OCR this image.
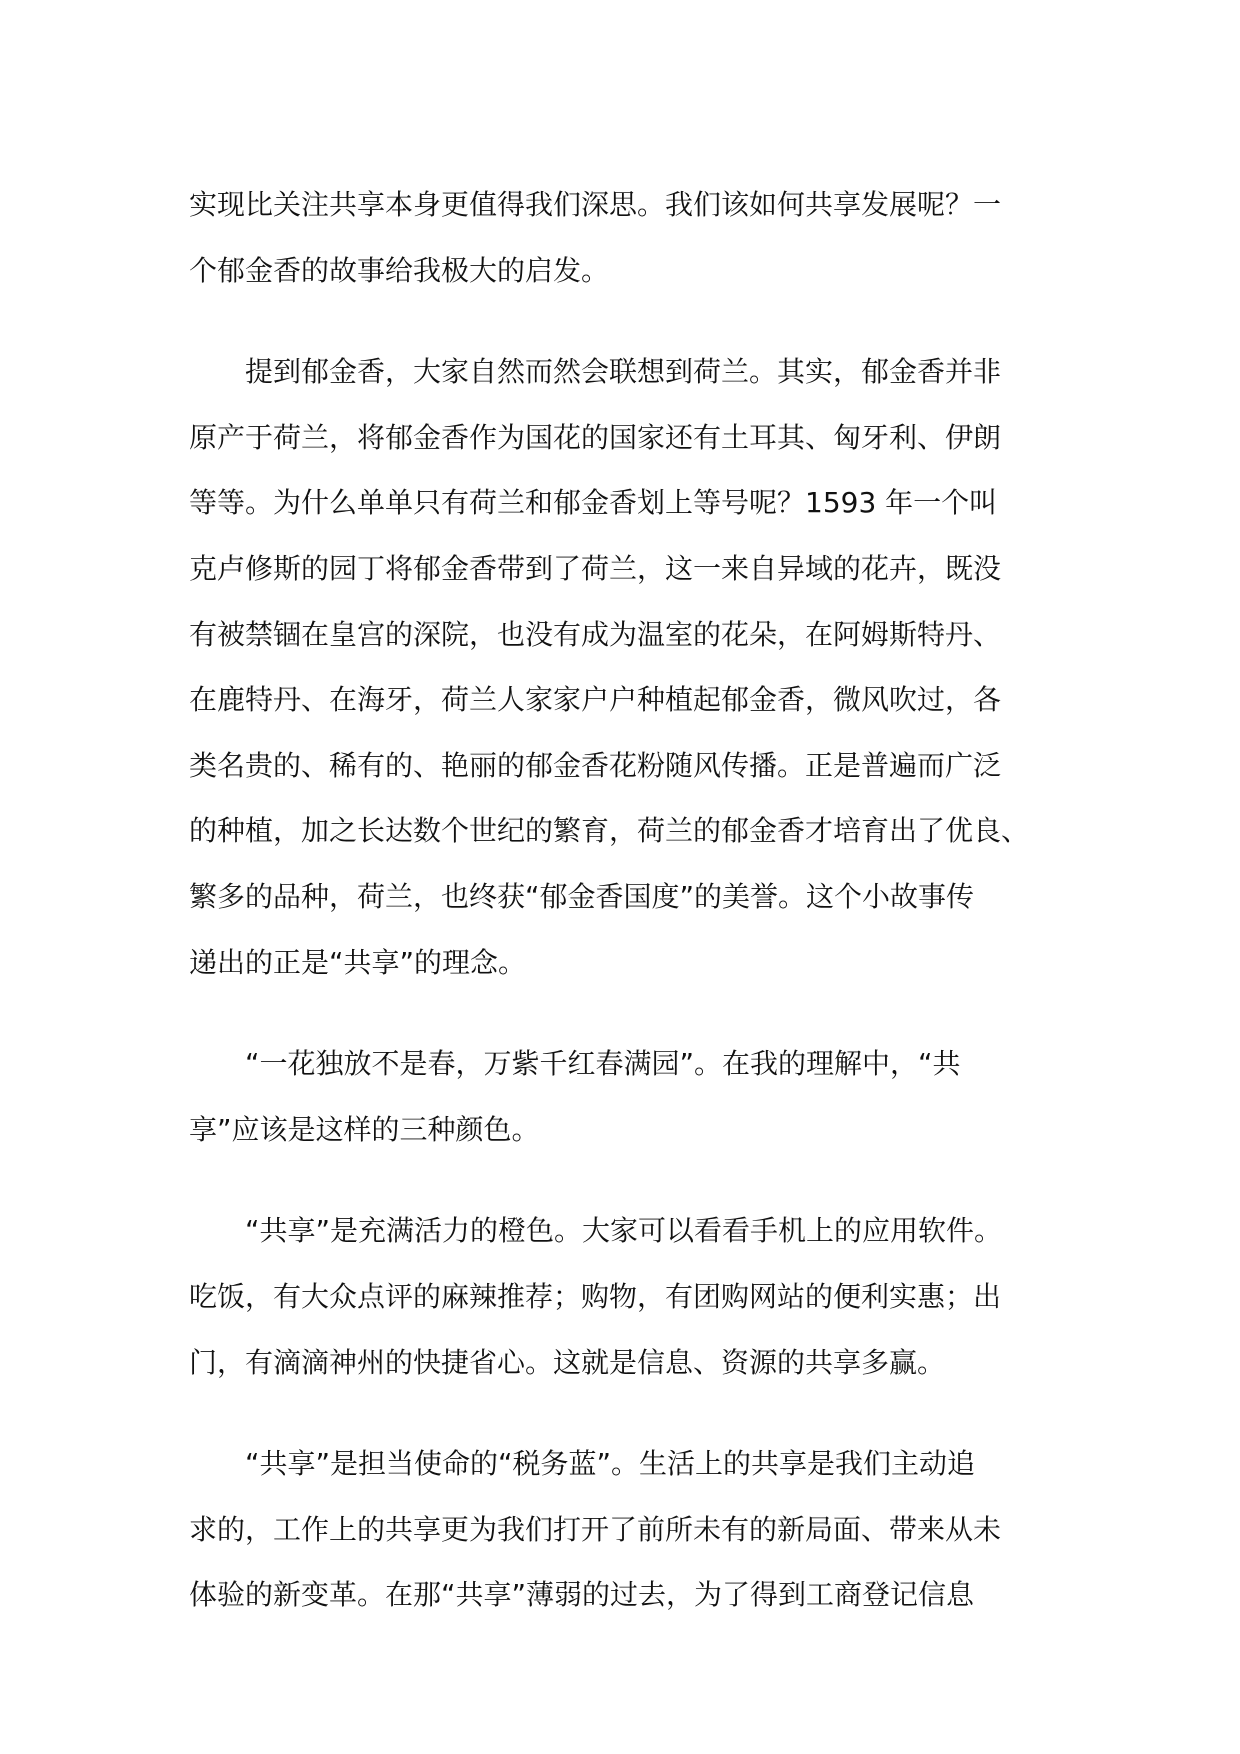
实现比关注共享本身更值得我们深思。我们该如何共享发展呢？一
个郁金香的故事给我极大的启发。
提到郁金香，大家自然而然会联想到荷兰。其实，郁金香并非
原产于荷兰，将郁金香作为国花的国家还有土耳其、匈牙利、伊朗
等等。为什么单单只有荷兰和郁金香划上等号呢？1593 年一个叫
克卢修斯的园丁将郁金香带到了荷兰，这一来自异域的花卉，既没
有被禁锢在皇宫的深院，也没有成为温室的花朵，在阿姆斯特丹、
在鹿特丹、在海牙，荷兰人家家户户种植起郁金香，微风吹过，各
类名贵的、稀有的、艳丽的郁金香花粉随风传播。正是普遍而广泛
的种植，加之长达数个世纪的繁育，荷兰的郁金香才培育出了优良、
繁多的品种，荷兰，也终获“郁金香国度”的美誉。这个小故事传
递出的正是“共享”的理念。
“一花独放不是春，万紫千红春满园”。在我的理解中，“共
享”应该是这样的三种颜色。
“共享”是充满活力的橙色。大家可以看看手机上的应用软件。
吃饭，有大众点评的麻辣推荐；购物，有团购网站的便利实惠；出
门，有滴滴神州的快捷省心。这就是信息、资源的共享多赢。
“共享”是担当使命的“税务蓝”。生活上的共享是我们主动追
求的，工作上的共享更为我们打开了前所未有的新局面、带来从未
体验的新变革。在那“共享”薄弱的过去，为了得到工商登记信息
